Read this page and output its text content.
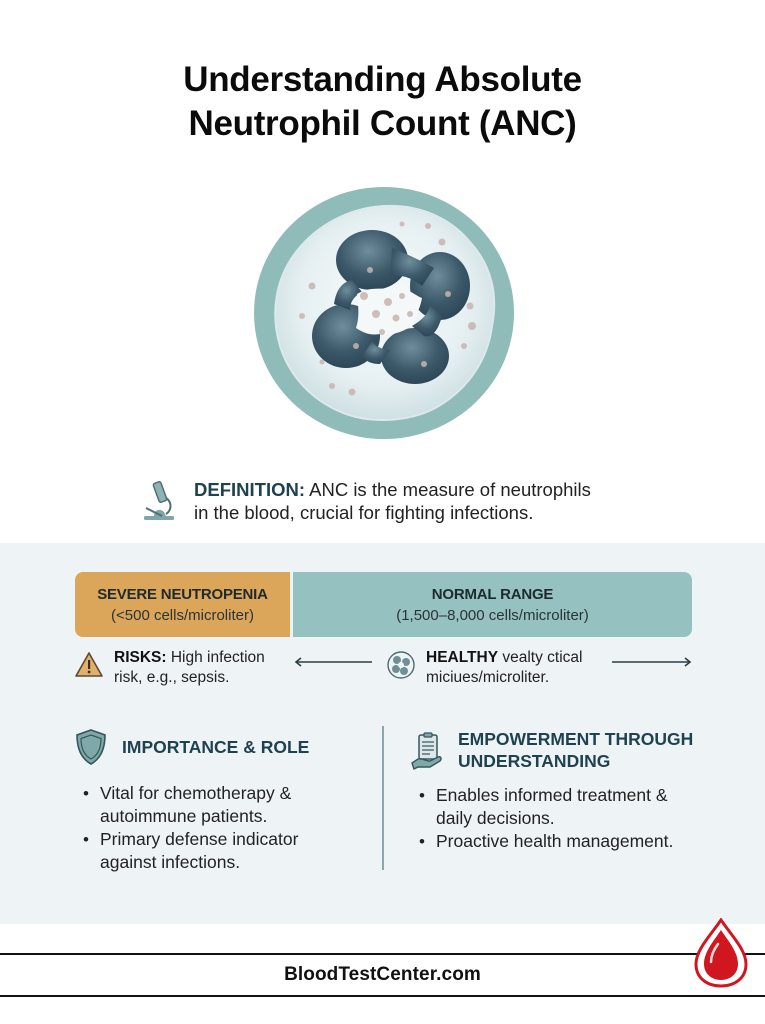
Understanding Absolute
Neutrophil Count (ANC)
DEFINITION: ANC is the measure of neutrophils
in the blood, crucial for fighting infections.
SEVERE NEUTROPENIA
(<500 cells/microliter)
NORMAL RANGE
(1,500–8,000 cells/microliter)
RISKS: High infection
risk, e.g., sepsis.
HEALTHY vealty ctical
miciues/microliter.
IMPORTANCE & ROLE
• Vital for chemotherapy &
autoimmune patients.
• Primary defense indicator
against infections.
EMPOWERMENT THROUGH
UNDERSTANDING
• Enables informed treatment &
daily decisions.
• Proactive health management.
BloodTestCenter.com
